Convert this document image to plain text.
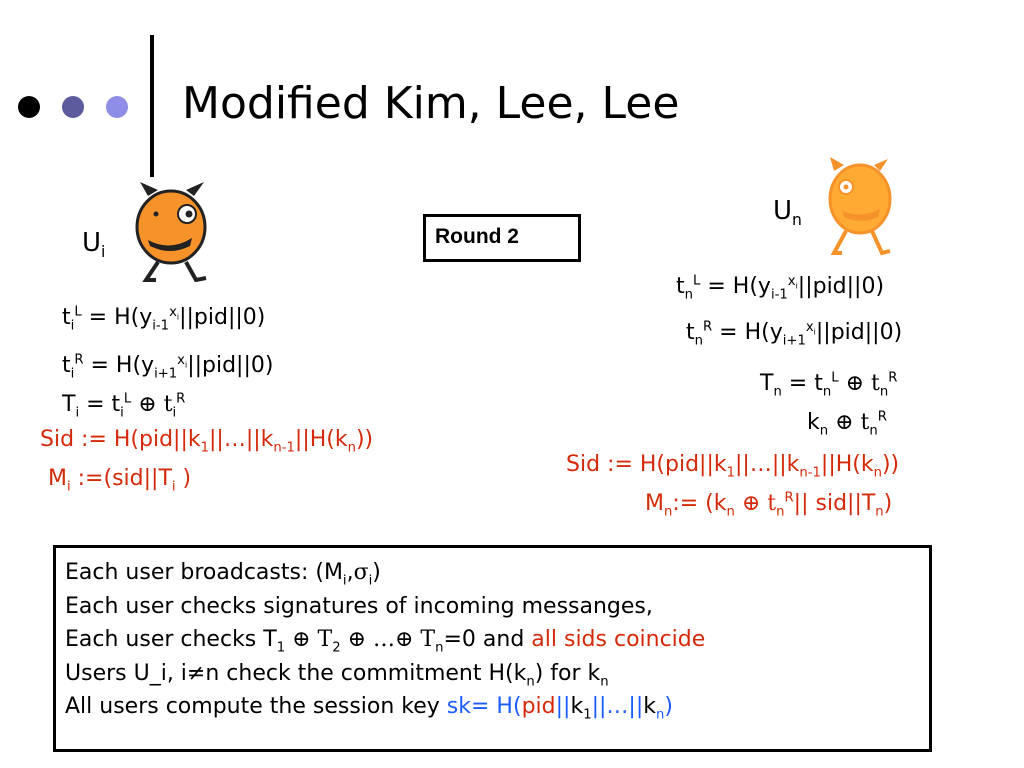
Modified Kim, Lee, Lee
$U_i$
$U_n$
Round 2
$t_i^L = H(y_{i-1}^{x_i}||pid||0)$
$t_i^R = H(y_{i+1}^{x_i}||pid||0)$
$T_i = t_i^L$ ⊕ $t_i^R$
Sid := $H(pid||k_1||\dots||k_{n-1}||H(k_n))$
$M_i$ $:=(sid||T_i$ )
$t_n^L = H(y_{i-1}^{x_i}||pid||0)$
$t_n^R = H(y_{i+1}^{x_i}||pid||0)$
$T_n = t_n^L$ ⊕ $t_n^R$
$k_n$ ⊕ $t_n^R$
Sid := $H(pid||k_1||\dots||k_{n-1}||H(k_n))$
$M_n:= (k_n$ ⊕ $t_n^R||$ $sid||T_n$)
Each user broadcasts: $(M_i,\sigma_i)$
Each user checks signatures of incoming messanges,
Each user checks $T_1$ ⊕ $T_2$ ⊕ …⊕ $T_n=0$ and all sids coincide
Users U_i, i≠n check the commitment $H(k_n)$ for $k_n$
All users compute the session key $sk= H(pid||k_1||\dots||k_n)$
